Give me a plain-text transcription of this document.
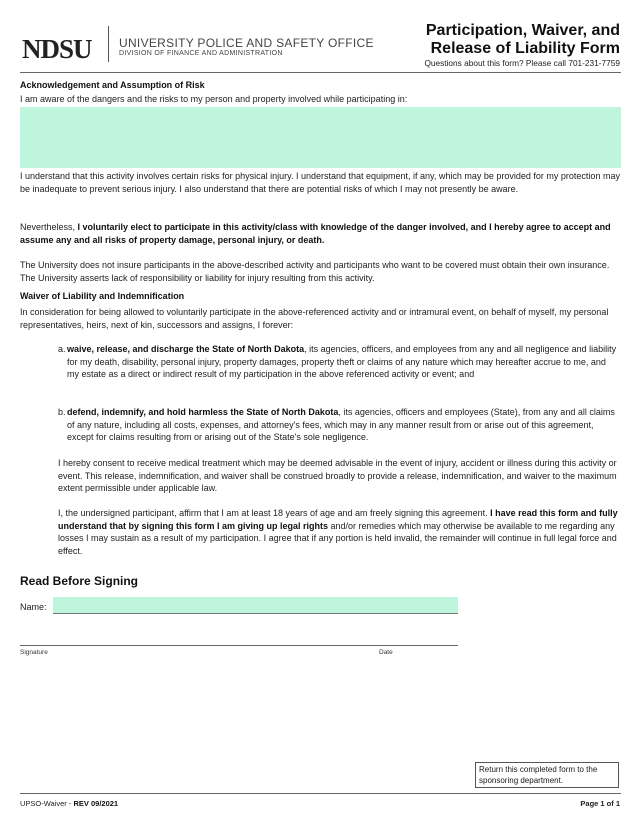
NDSU UNIVERSITY POLICE AND SAFETY OFFICE
DIVISION OF FINANCE AND ADMINISTRATION
Participation, Waiver, and
Release of Liability Form
Questions about this form? Please call 701-231-7759
Acknowledgement and Assumption of Risk
I am aware of the dangers and the risks to my person and property involved while participating in:
I understand that this activity involves certain risks for physical injury. I understand that equipment, if any, which may be provided for my protection may be inadequate to prevent serious injury. I also understand that there are potential risks of which I may not presently be aware.
Nevertheless, I voluntarily elect to participate in this activity/class with knowledge of the danger involved, and I hereby agree to accept and assume any and all risks of property damage, personal injury, or death.
The University does not insure participants in the above-described activity and participants who want to be covered must obtain their own insurance. The University asserts lack of responsibility or liability for injury resulting from this activity.
Waiver of Liability and Indemnification
In consideration for being allowed to voluntarily participate in the above-referenced activity and or intramural event, on behalf of myself, my personal representatives, heirs, next of kin, successors and assigns, I forever:
a. waive, release, and discharge the State of North Dakota, its agencies, officers, and employees from any and all negligence and liability for my death, disability, personal injury, property damages, property theft or claims of any nature which may hereafter accrue to me, and my estate as a direct or indirect result of my participation in the above referenced activity or event; and
b. defend, indemnify, and hold harmless the State of North Dakota, its agencies, officers and employees (State), from any and all claims of any nature, including all costs, expenses, and attorney's fees, which may in any manner result from or arise out of this agreement, except for claims resulting from or arising out of the State's sole negligence.
I hereby consent to receive medical treatment which may be deemed advisable in the event of injury, accident or illness during this activity or event. This release, indemnification, and waiver shall be construed broadly to provide a release, indemnification, and waiver to the maximum extent permissible under applicable law.
I, the undersigned participant, affirm that I am at least 18 years of age and am freely signing this agreement. I have read this form and fully understand that by signing this form I am giving up legal rights and/or remedies which may otherwise be available to me regarding any losses I may sustain as a result of my participation. I agree that if any portion is held invalid, the remainder will continue in full legal force and effect.
Read Before Signing
Name:
Signature	Date
Return this completed form to the sponsoring department.
UPSO-Waiver - REV 09/2021	Page 1 of 1
